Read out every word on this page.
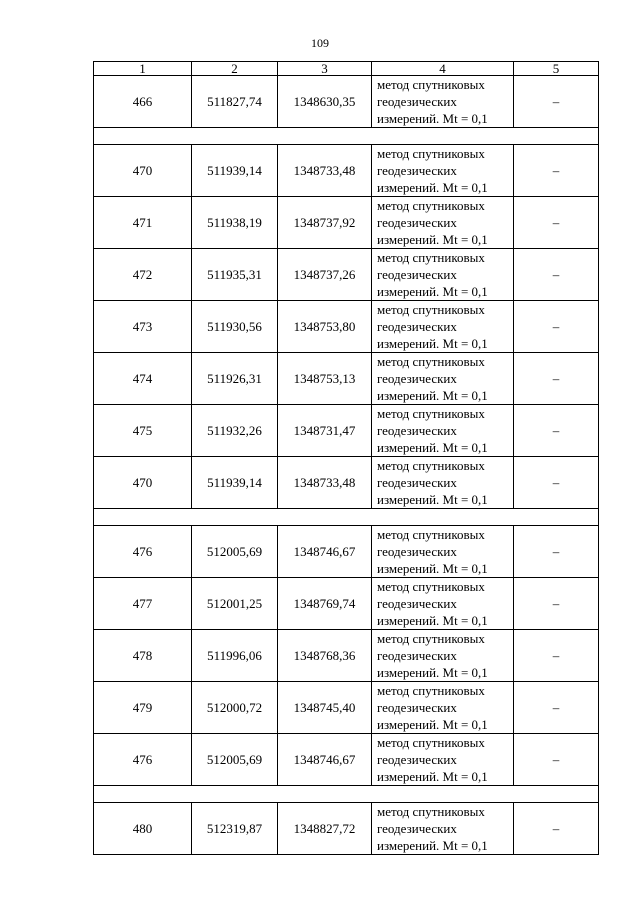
109
1	2	3	4	5
466	511827,74	1348630,35	метод спутниковых
геодезических
измерений. Mt = 0,1	–

470	511939,14	1348733,48	метод спутниковых
геодезических
измерений. Mt = 0,1	–
471	511938,19	1348737,92	метод спутниковых
геодезических
измерений. Mt = 0,1	–
472	511935,31	1348737,26	метод спутниковых
геодезических
измерений. Mt = 0,1	–
473	511930,56	1348753,80	метод спутниковых
геодезических
измерений. Mt = 0,1	–
474	511926,31	1348753,13	метод спутниковых
геодезических
измерений. Mt = 0,1	–
475	511932,26	1348731,47	метод спутниковых
геодезических
измерений. Mt = 0,1	–
470	511939,14	1348733,48	метод спутниковых
геодезических
измерений. Mt = 0,1	–

476	512005,69	1348746,67	метод спутниковых
геодезических
измерений. Mt = 0,1	–
477	512001,25	1348769,74	метод спутниковых
геодезических
измерений. Mt = 0,1	–
478	511996,06	1348768,36	метод спутниковых
геодезических
измерений. Mt = 0,1	–
479	512000,72	1348745,40	метод спутниковых
геодезических
измерений. Mt = 0,1	–
476	512005,69	1348746,67	метод спутниковых
геодезических
измерений. Mt = 0,1	–

480	512319,87	1348827,72	метод спутниковых
геодезических
измерений. Mt = 0,1	–
